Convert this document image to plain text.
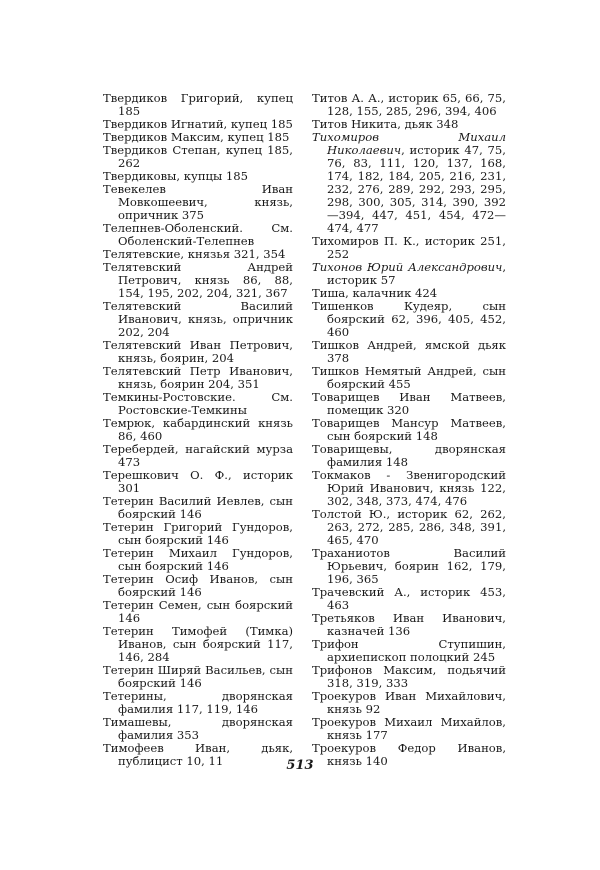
Твердиков Григорий, купец 185

Твердиков Игнатий, купец 185

Твердиков Максим, купец 185

Твердиков Степан, купец 185, 262

Твердиковы, купцы 185

Тевекелев Иван Мовкошеевич, князь, опричник 375

Телепнев-Оболенский. См. Оболенский-Телепнев

Телятевские, князья 321, 354

Телятевский Андрей Петрович, князь 86, 88, 154, 195, 202, 204, 321, 367

Телятевский Василий Иванович, князь, опричник 202, 204

Телятевский Иван Петрович, князь, боярин, 204

Телятевский Петр Иванович, князь, боярин 204, 351

Темкины-Ростовские. См. Ростовские-Темкины

Темрюк, кабардинский князь 86, 460

Теребердей, нагайский мурза 473

Терешкович О. Ф., историк 301

Тетерин Василий Иевлев, сын боярский 146

Тетерин Григорий Гундоров, сын боярский 146

Тетерин Михаил Гундоров, сын боярский 146

Тетерин Осиф Иванов, сын боярский 146

Тетерин Семен, сын боярский 146

Тетерин Тимофей (Тимка) Иванов, сын боярский 117, 146, 284

Тетерин Ширяй Васильев, сын боярский 146

Тетерины, дворянская фамилия 117, 119, 146

Тимашевы, дворянская фамилия 353

Тимофеев Иван, дьяк, публицист 10, 11

Титов А. А., историк 65, 66, 75, 128, 155, 285, 296, 394, 406

Титов Никита, дьяк 348

Тихомиров Михаил Николаевич, историк 47, 75, 76, 83, 111, 120, 137, 168, 174, 182, 184, 205, 216, 231, 232, 276, 289, 292, 293, 295, 298, 300, 305, 314, 390, 392—394, 447, 451, 454, 472—474, 477

Тихомиров П. К., историк 251, 252

Тихонов Юрий Александрович, историк 57

Тиша, калачник 424

Тишенков Кудеяр, сын боярский 62, 396, 405, 452, 460

Тишков Андрей, ямской дьяк 378

Тишков Немятый Андрей, сын боярский 455

Товарищев Иван Матвеев, помещик 320

Товарищев Мансур Матвеев, сын боярский 148

Товарищевы, дворянская фамилия 148

Токмаков - Звенигородский Юрий Иванович, князь 122, 302, 348, 373, 474, 476

Толстой Ю., историк 62, 262, 263, 272, 285, 286, 348, 391, 465, 470

Траханиотов Василий Юрьевич, боярин 162, 179, 196, 365

Трачевский А., историк 453, 463

Третьяков Иван Иванович, казначей 136

Трифон Ступишин, архиепископ полоцкий 245

Трифонов Максим, подьячий 318, 319, 333

Троекуров Иван Михайлович, князь 92

Троекуров Михаил Михайлов, князь 177

Троекуров Федор Иванов, князь 140

513
